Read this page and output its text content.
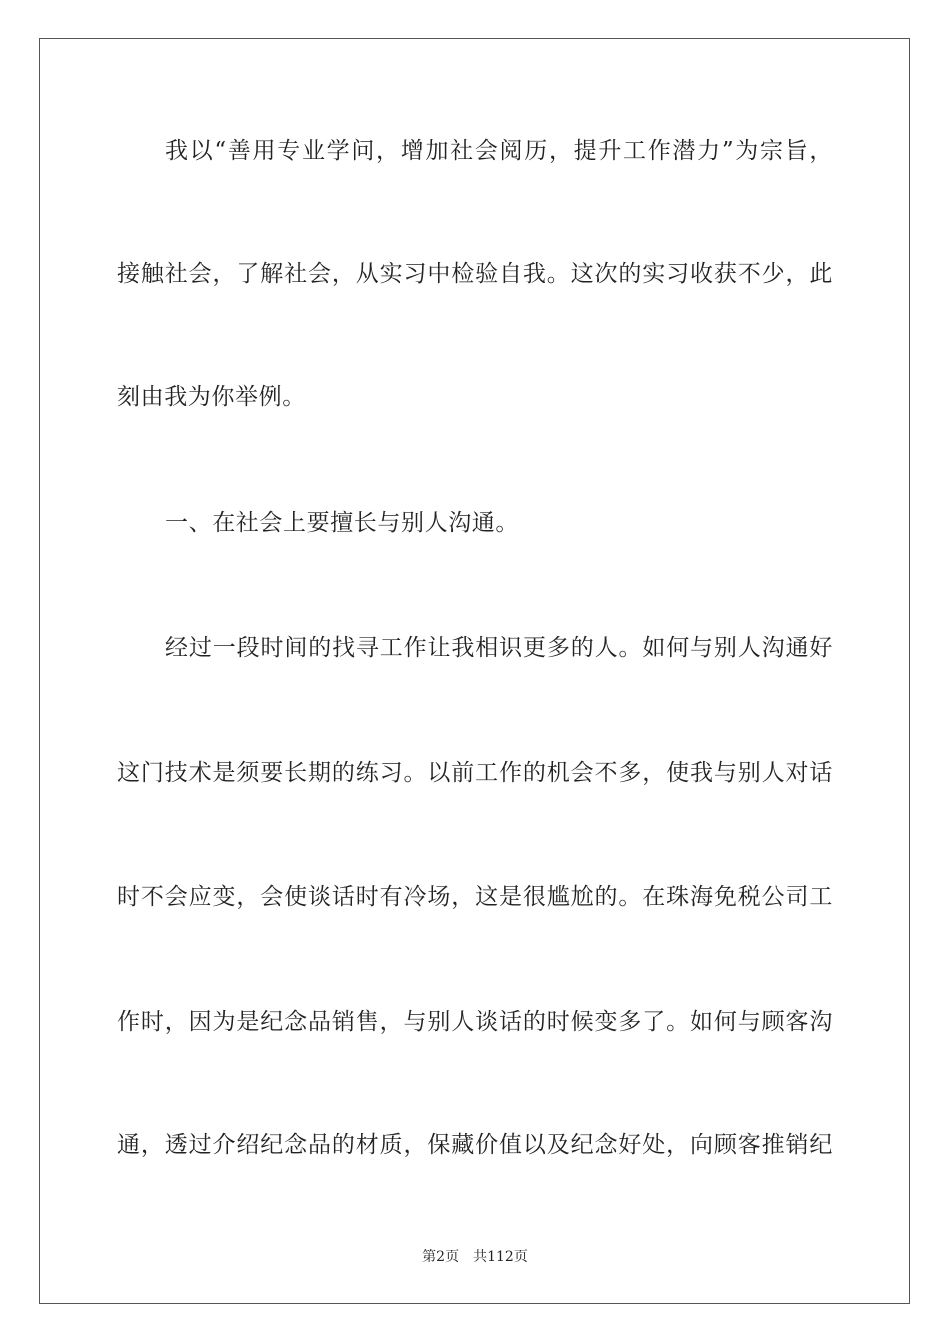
我以“善用专业学问，增加社会阅历，提升工作潜力”为宗旨，
接触社会，了解社会，从实习中检验自我。这次的实习收获不少，此
刻由我为你举例。
一、在社会上要擅长与别人沟通。
经过一段时间的找寻工作让我相识更多的人。如何与别人沟通好
这门技术是须要长期的练习。以前工作的机会不多，使我与别人对话
时不会应变，会使谈话时有冷场，这是很尴尬的。在珠海免税公司工
作时，因为是纪念品销售，与别人谈话的时候变多了。如何与顾客沟
通，透过介绍纪念品的材质，保藏价值以及纪念好处，向顾客推销纪
第2页 共112页
